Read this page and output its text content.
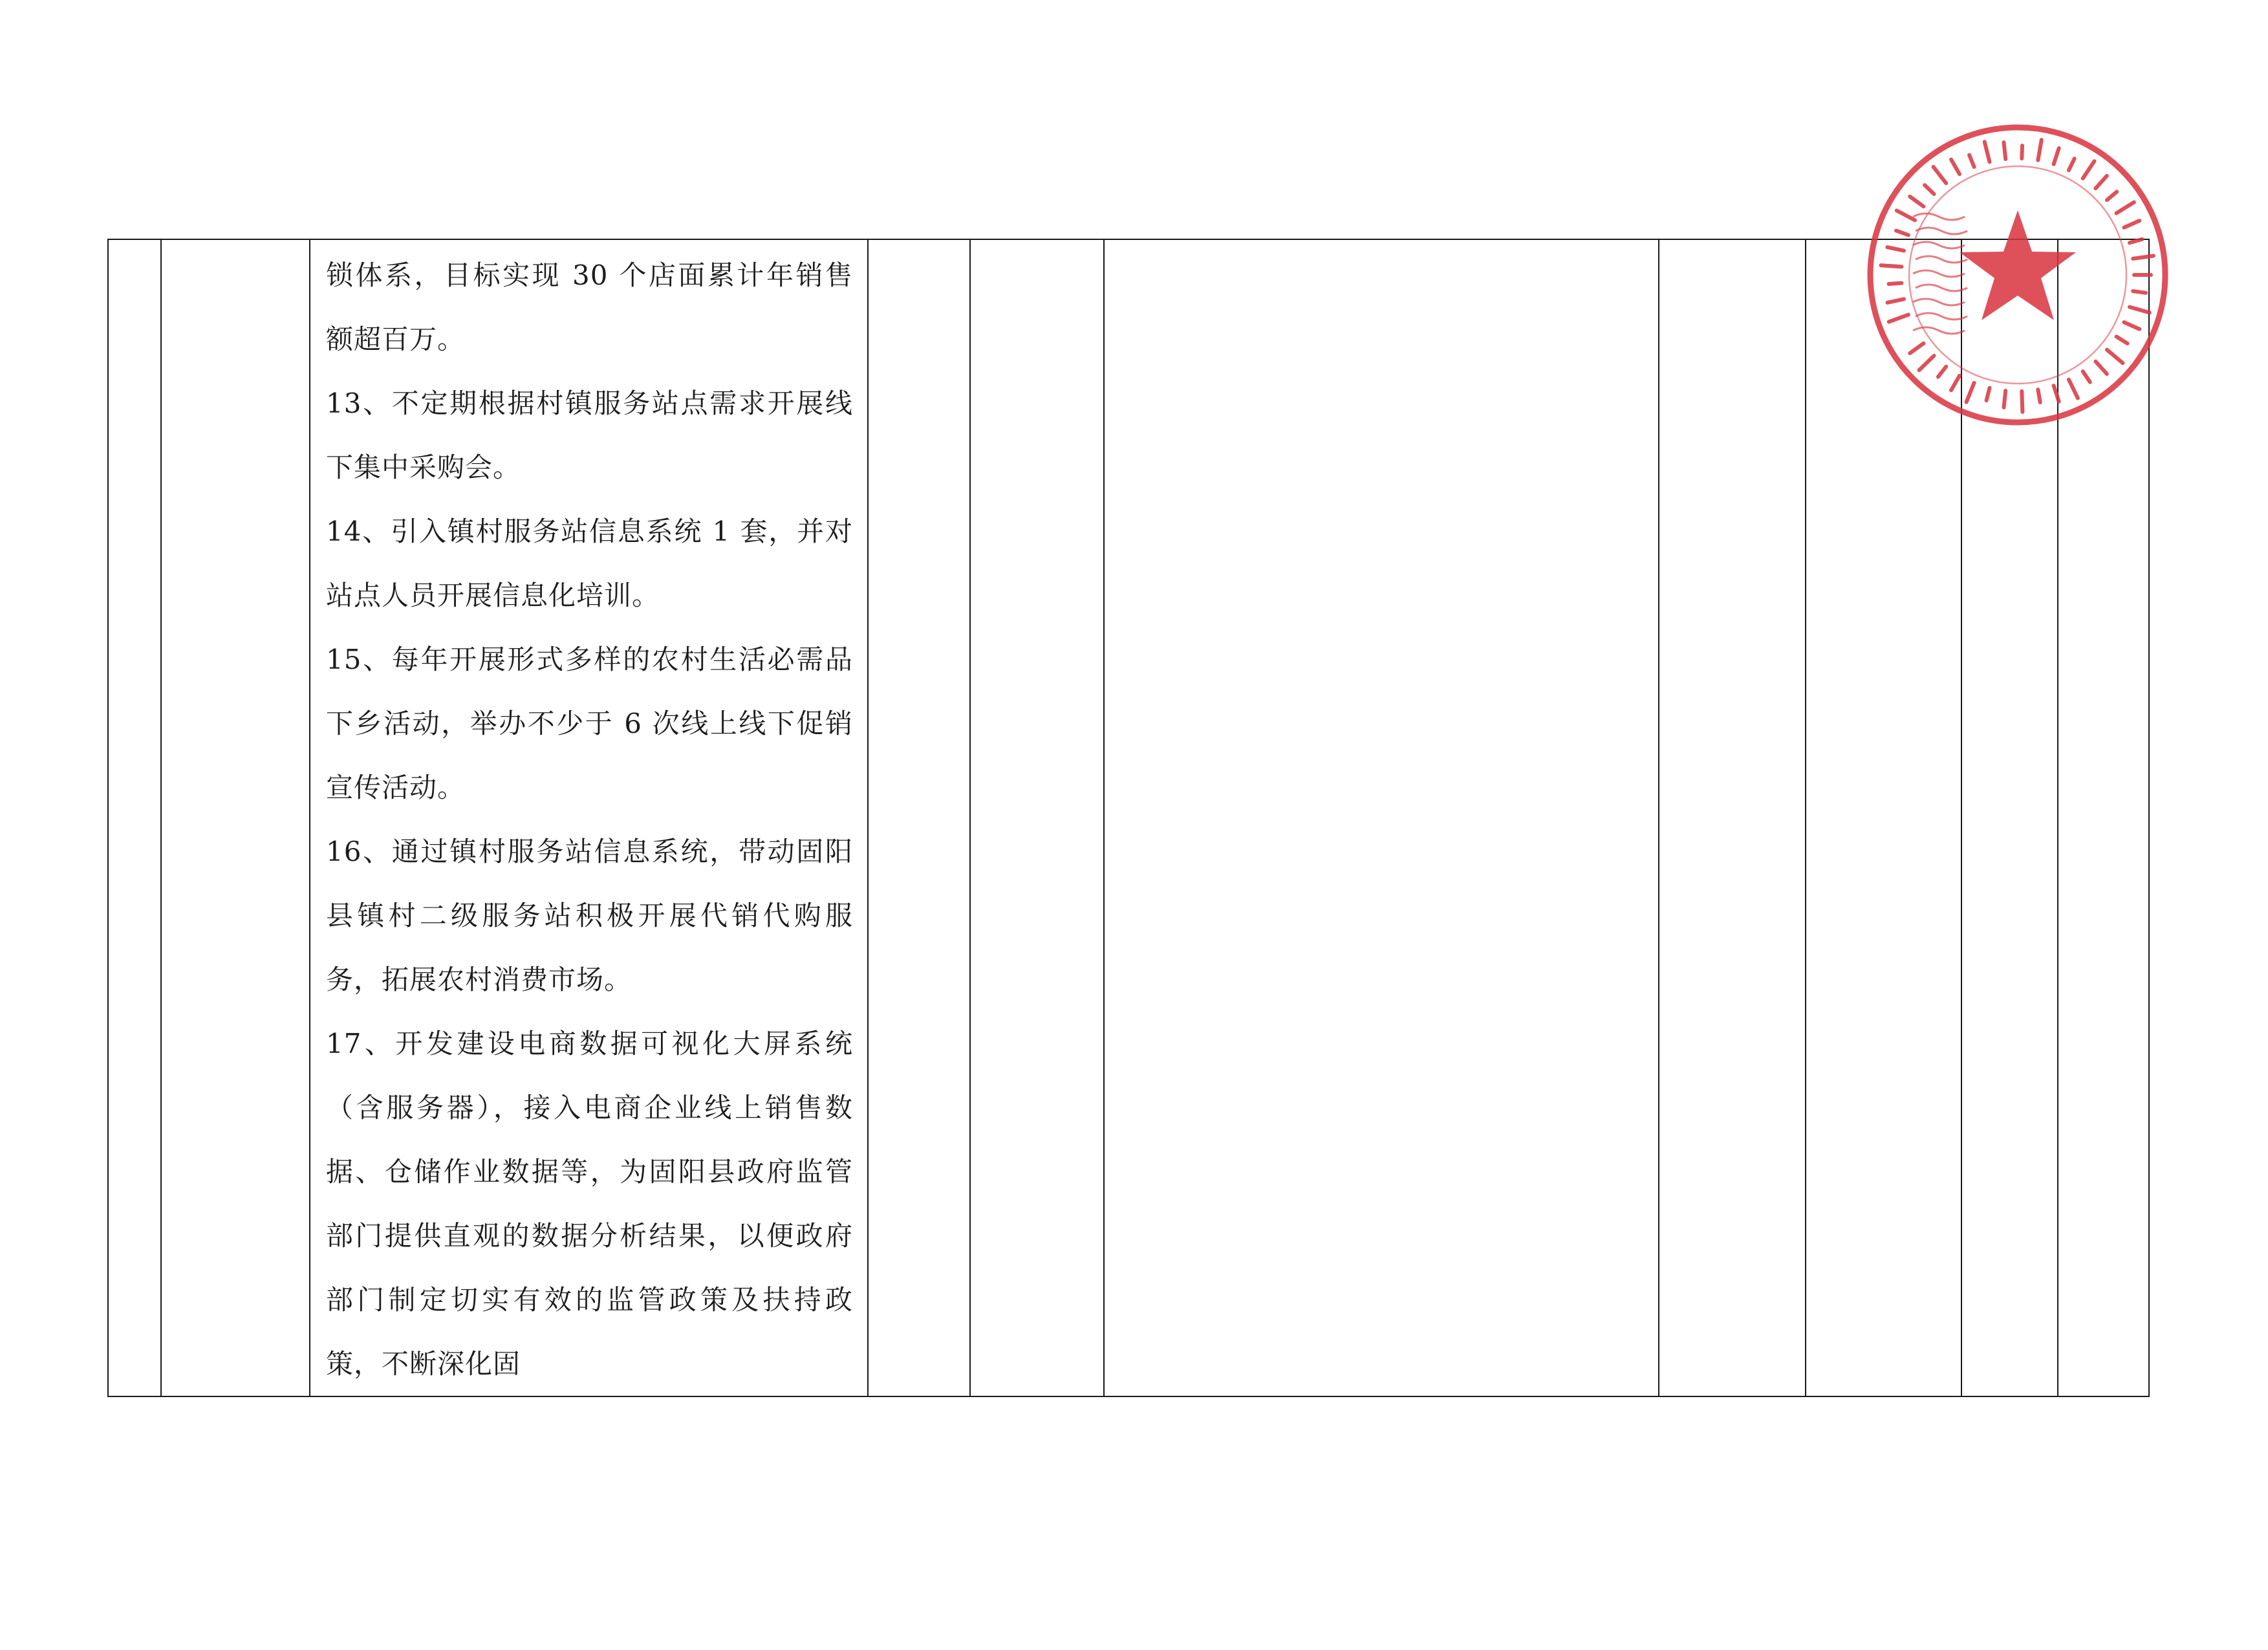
锁体系，目标实现 30 个店面累计年销售额超百万。

13、不定期根据村镇服务站点需求开展线下集中采购会。

14、引入镇村服务站信息系统 1 套，并对站点人员开展信息化培训。

15、每年开展形式多样的农村生活必需品下乡活动，举办不少于 6 次线上线下促销宣传活动。

16、通过镇村服务站信息系统，带动固阳县镇村二级服务站积极开展代销代购服务，拓展农村消费市场。

17、开发建设电商数据可视化大屏系统（含服务器），接入电商企业线上销售数据、仓储作业数据等，为固阳县政府监管部门提供直观的数据分析结果，以便政府部门制定切实有效的监管政策及扶持政策，不断深化固
